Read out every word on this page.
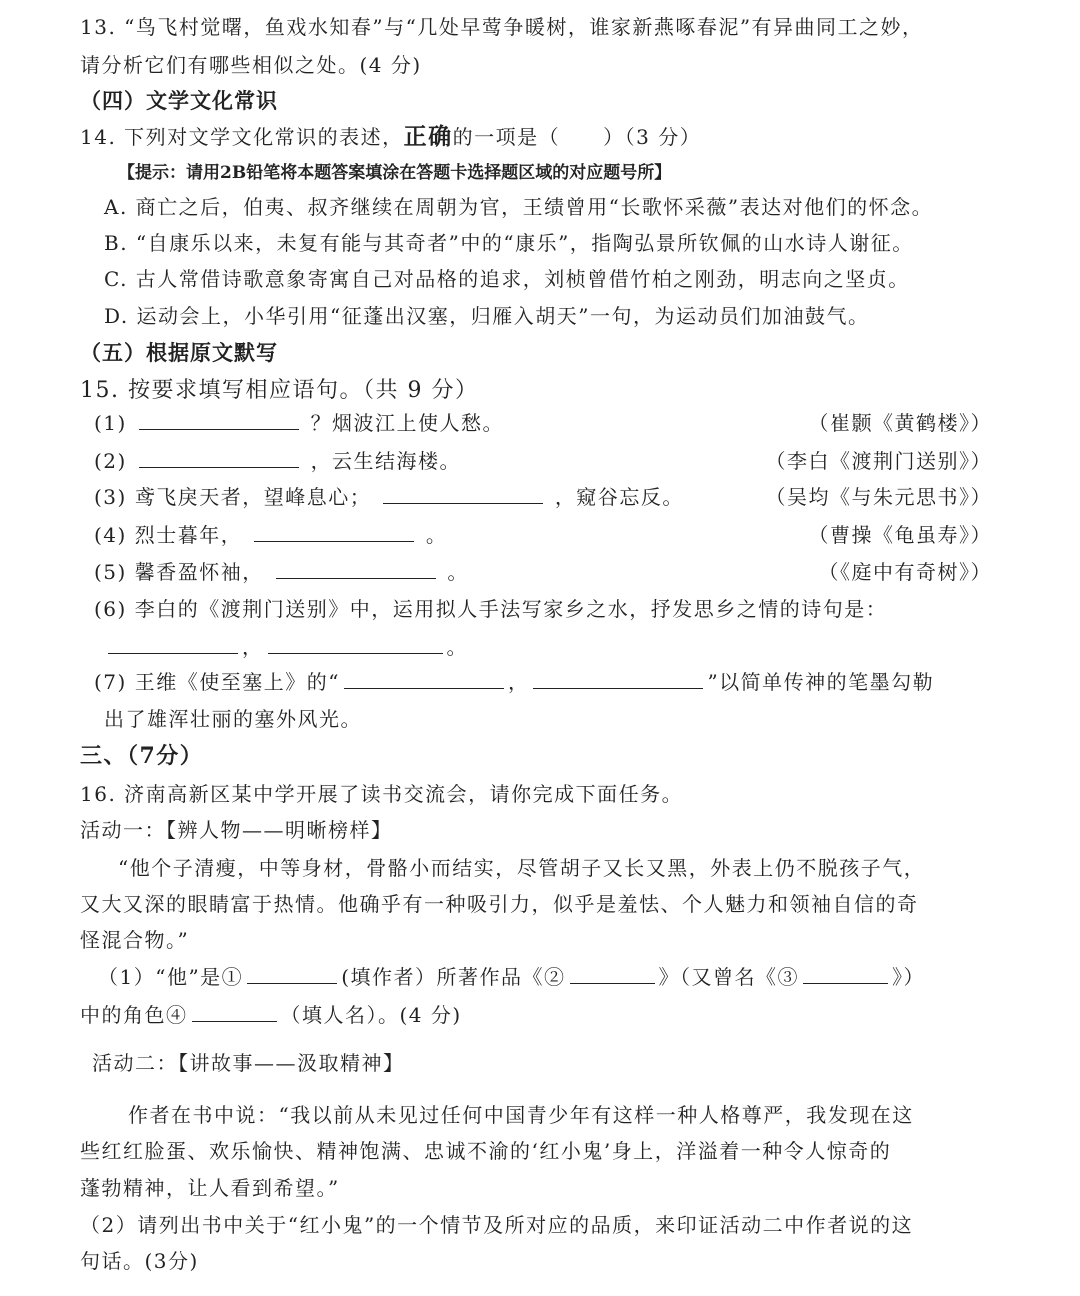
13. “鸟飞村觉曙，鱼戏水知春”与“几处早莺争暖树，谁家新燕啄春泥”有异曲同工之妙，
请分析它们有哪些相似之处。(4 分)
（四）文学文化常识
14. 下列对文学文化常识的表述，正确的一项是（　　）（3 分）
【提示：请用2B铅笔将本题答案填涂在答题卡选择题区域的对应题号所】
A. 商亡之后，伯夷、叔齐继续在周朝为官，王绩曾用“长歌怀采薇”表达对他们的怀念。
B. “自康乐以来，未复有能与其奇者”中的“康乐”，指陶弘景所钦佩的山水诗人谢征。
C. 古人常借诗歌意象寄寓自己对品格的追求，刘桢曾借竹柏之刚劲，明志向之坚贞。
D. 运动会上，小华引用“征蓬出汉塞，归雁入胡天”一句，为运动员们加油鼓气。
（五）根据原文默写
15. 按要求填写相应语句。（共 9 分）
(1)	？烟波江上使人愁。	（崔颢《黄鹤楼》）
(2)	，云生结海楼。	（李白《渡荆门送别》）
(3) 鸢飞戾天者，望峰息心；	，窥谷忘反。	（吴均《与朱元思书》）
(4) 烈士暮年，	。	（曹操《龟虽寿》）
(5) 馨香盈怀袖，	。	（《庭中有奇树》）
(6) 李白的《渡荆门送别》中，运用拟人手法写家乡之水，抒发思乡之情的诗句是：
，	。
(7) 王维《使至塞上》的“	，	”以简单传神的笔墨勾勒
出了雄浑壮丽的塞外风光。
三、（7分）
16. 济南高新区某中学开展了读书交流会，请你完成下面任务。
活动一：【辨人物——明晰榜样】
“他个子清瘦，中等身材，骨骼小而结实，尽管胡子又长又黑，外表上仍不脱孩子气，
又大又深的眼睛富于热情。他确乎有一种吸引力，似乎是羞怯、个人魅力和领袖自信的奇
怪混合物。”
（1）“他”是①	(填作者）所著作品《②	》（又曾名《③	》）
中的角色④	（填人名）。(4 分)
活动二：【讲故事——汲取精神】
作者在书中说：“我以前从未见过任何中国青少年有这样一种人格尊严，我发现在这
些红红脸蛋、欢乐愉快、精神饱满、忠诚不渝的‘红小鬼’身上，洋溢着一种令人惊奇的
蓬勃精神，让人看到希望。”
（2）请列出书中关于“红小鬼”的一个情节及所对应的品质，来印证活动二中作者说的这
句话。(3分)
